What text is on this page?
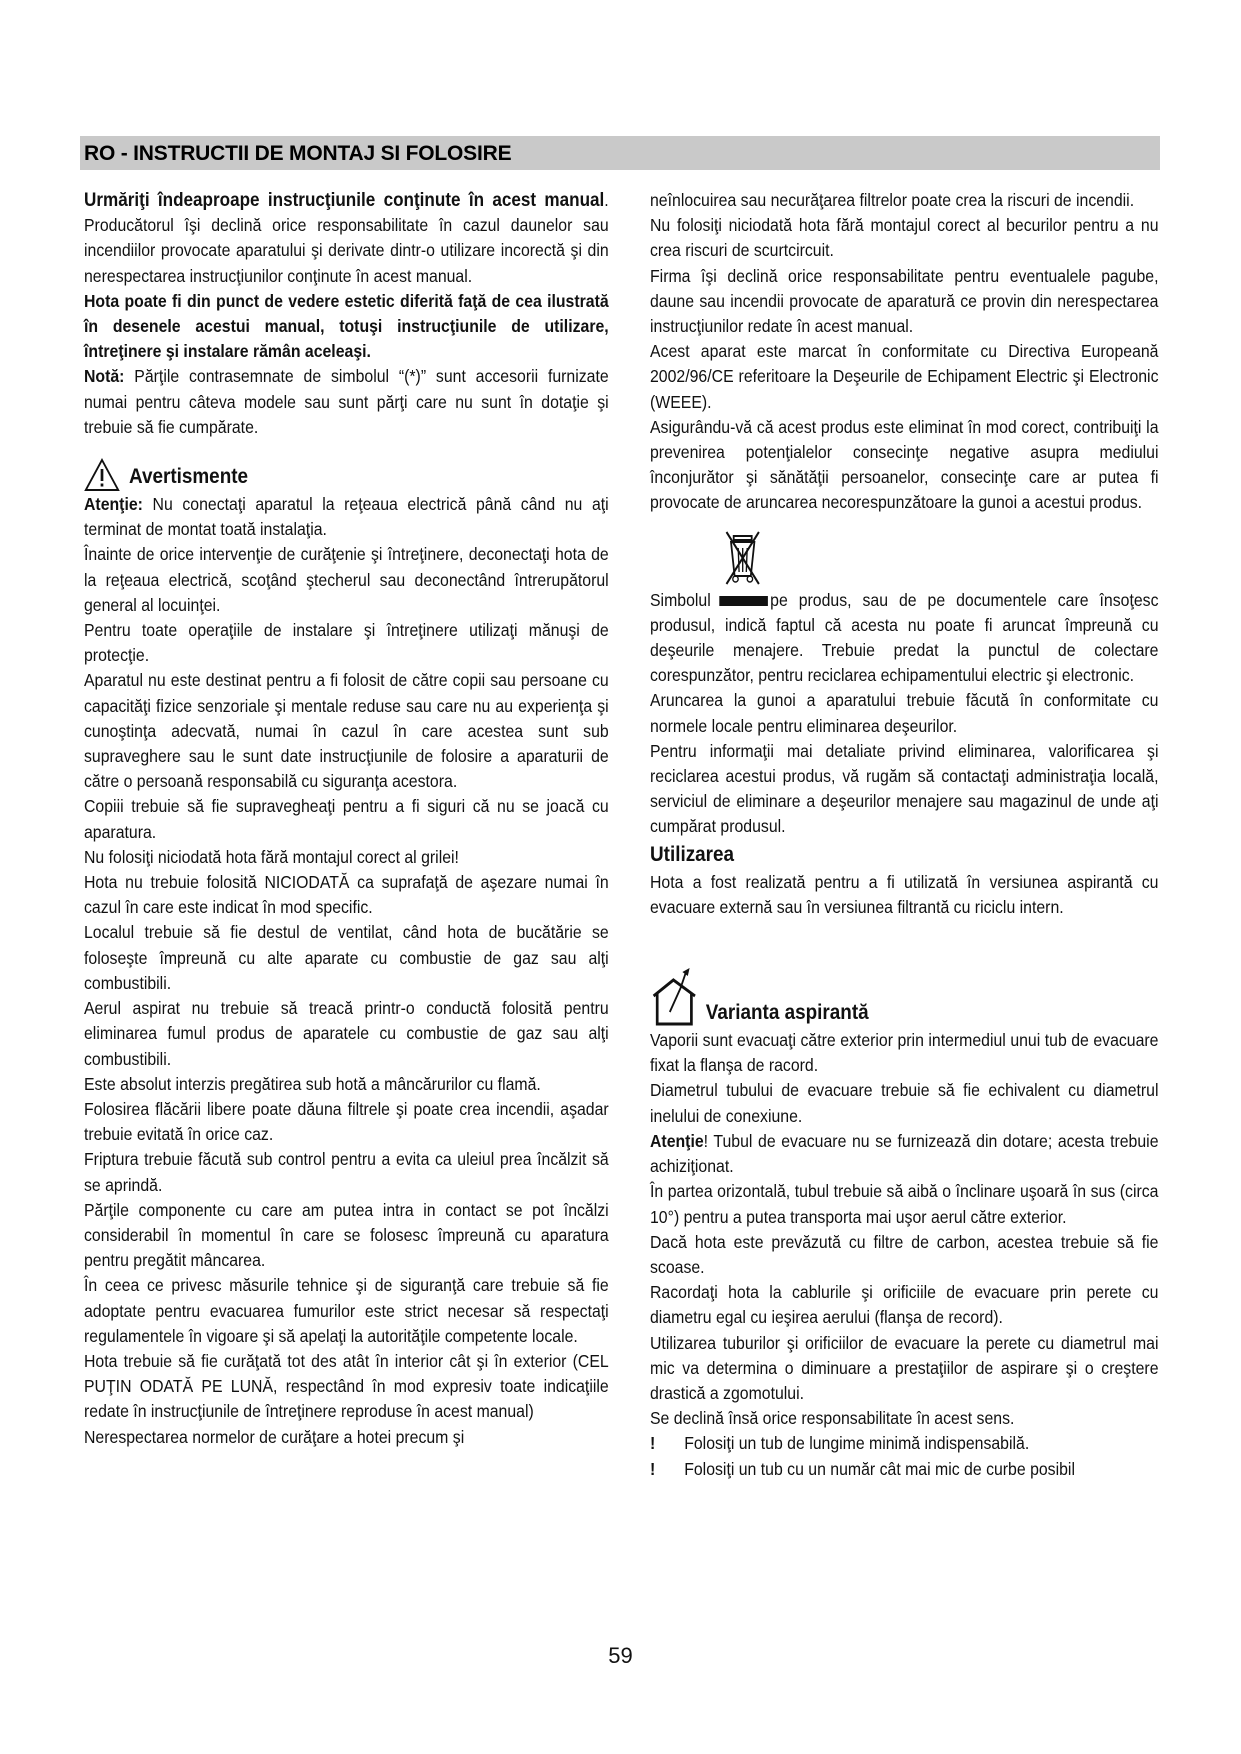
RO - INSTRUCTII DE MONTAJ SI FOLOSIRE

Urmăriţi îndeaproape instrucţiunile conţinute în acest manual. Producătorul îşi declină orice responsabilitate în cazul daunelor sau incendiilor provocate aparatului şi derivate dintr-o utilizare incorectă şi din nerespectarea instrucţiunilor conţinute în acest manual.

Hota poate fi din punct de vedere estetic diferită faţă de cea ilustrată în desenele acestui manual, totuşi instrucţiunile de utilizare, întreţinere şi instalare rămân aceleaşi.

Notă: Părţile contrasemnate de simbolul “(*)” sunt accesorii furnizate numai pentru câteva modele sau sunt părţi care nu sunt în dotaţie şi trebuie să fie cumpărate.

Avertismente

Atenţie: Nu conectaţi aparatul la reţeaua electrică până când nu aţi terminat de montat toată instalaţia.

Înainte de orice intervenţie de curăţenie şi întreţinere, deconectaţi hota de la reţeaua electrică, scoţând ştecherul sau deconectând întrerupătorul general al locuinţei.

Pentru toate operaţiile de instalare şi întreţinere utilizaţi mănuşi de protecţie.

Aparatul nu este destinat pentru a fi folosit de către copii sau persoane cu capacităţi fizice senzoriale şi mentale reduse sau care nu au experienţa şi cunoştinţa adecvată, numai în cazul în care acestea sunt sub supraveghere sau le sunt date instrucţiunile de folosire a aparaturii de către o persoană responsabilă cu siguranţa acestora.

Copiii trebuie să fie supravegheaţi pentru a fi siguri că nu se joacă cu aparatura.

Nu folosiţi niciodată hota fără montajul corect al grilei!

Hota nu trebuie folosită NICIODATĂ ca suprafaţă de aşezare numai în cazul în care este indicat în mod specific.

Localul trebuie să fie destul de ventilat, când hota de bucătărie se foloseşte împreună cu alte aparate cu combustie de gaz sau alţi combustibili.

Aerul aspirat nu trebuie să treacă printr-o conductă folosită pentru eliminarea fumul produs de aparatele cu combustie de gaz sau alţi combustibili.

Este absolut interzis pregătirea sub hotă a mâncărurilor cu flamă.

Folosirea flăcării libere poate dăuna filtrele şi poate crea incendii, aşadar trebuie evitată în orice caz.

Friptura trebuie făcută sub control pentru a evita ca uleiul prea încălzit să se aprindă.

Părţile componente cu care am putea intra in contact se pot încălzi considerabil în momentul în care se folosesc împreună cu aparatura pentru pregătit mâncarea.

În ceea ce privesc măsurile tehnice şi de siguranţă care trebuie să fie adoptate pentru evacuarea fumurilor este strict necesar să respectaţi regulamentele în vigoare şi să apelaţi la autorităţile competente locale.

Hota trebuie să fie curăţată tot des atât în interior cât şi în exterior (CEL PUŢIN ODATĂ PE LUNĂ, respectând în mod expresiv toate indicaţiile redate în instrucţiunile de întreţinere reproduse în acest manual)

Nerespectarea normelor de curăţare a hotei precum şi

neînlocuirea sau necurăţarea filtrelor poate crea la riscuri de incendii.

Nu folosiţi niciodată hota fără montajul corect al becurilor pentru a nu crea riscuri de scurtcircuit.

Firma îşi declină orice responsabilitate pentru eventualele pagube, daune sau incendii provocate de aparatură ce provin din nerespectarea instrucţiunilor redate în acest manual.

Acest aparat este marcat în conformitate cu Directiva Europeană 2002/96/CE referitoare la Deşeurile de Echipament Electric şi Electronic (WEEE).

Asigurându-vă că acest produs este eliminat în mod corect, contribuiţi la prevenirea potenţialelor consecinţe negative asupra mediului înconjurător şi sănătăţii persoanelor, consecinţe care ar putea fi provocate de aruncarea necorespunzătoare la gunoi a acestui produs.

Simbolul	pe produs, sau de pe documentele care însoţesc produsul, indică faptul că acesta nu poate fi aruncat împreună cu deşeurile menajere. Trebuie predat la punctul de colectare corespunzător, pentru reciclarea echipamentului electric şi electronic.

Aruncarea la gunoi a aparatului trebuie făcută în conformitate cu normele locale pentru eliminarea deşeurilor.

Pentru informaţii mai detaliate privind eliminarea, valorificarea şi reciclarea acestui produs, vă rugăm să contactaţi administraţia locală, serviciul de eliminare a deşeurilor menajere sau magazinul de unde aţi cumpărat produsul.

Utilizarea

Hota a fost realizată pentru a fi utilizată în versiunea aspirantă cu evacuare externă sau în versiunea filtrantă cu riciclu intern.

Varianta aspirantă

Vaporii sunt evacuaţi către exterior prin intermediul unui tub de evacuare fixat la flanşa de racord.

Diametrul tubului de evacuare trebuie să fie echivalent cu diametrul inelului de conexiune.

Atenţie! Tubul de evacuare nu se furnizează din dotare; acesta trebuie achiziţionat.

În partea orizontală, tubul trebuie să aibă o înclinare uşoară în sus (circa 10°) pentru a putea transporta mai uşor aerul către exterior.

Dacă hota este prevăzută cu filtre de carbon, acestea trebuie să fie scoase.

Racordaţi hota la cablurile şi orificiile de evacuare prin perete cu diametru egal cu ieşirea aerului (flanşa de record).

Utilizarea tuburilor şi orificiilor de evacuare la perete cu diametrul mai mic va determina o diminuare a prestaţiilor de aspirare şi o creştere drastică a zgomotului.

Se declină însă orice responsabilitate în acest sens.

!	Folosiţi un tub de lungime minimă indispensabilă.
!	Folosiţi un tub cu un număr cât mai mic de curbe posibil
59
